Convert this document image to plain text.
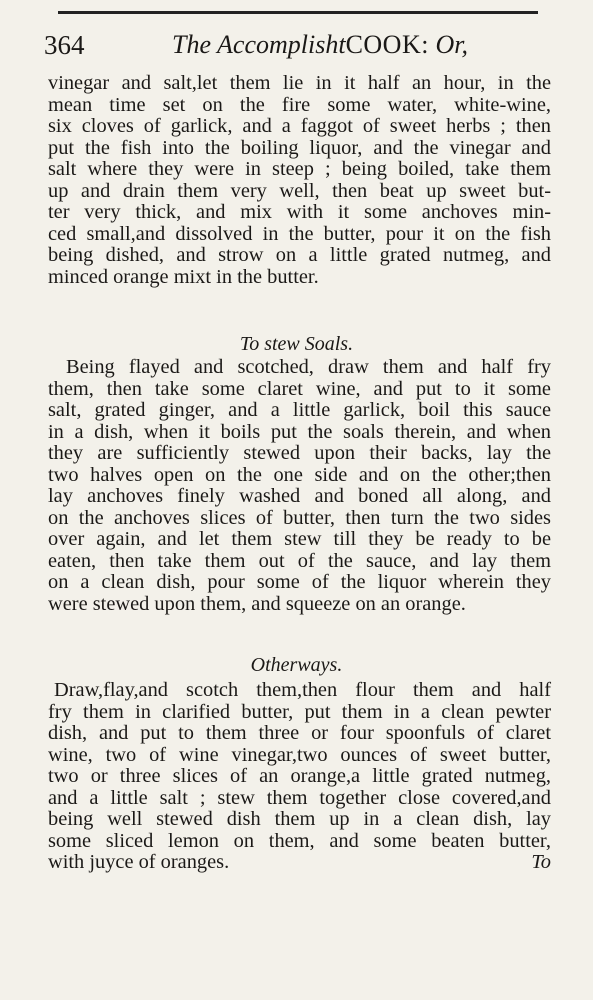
364	The AccomplishtCOOK: Or,
vinegar and salt,let them lie in it half an hour, in the
mean time set on the fire some water, white-wine,
six cloves of garlick, and a faggot of sweet herbs ; then
put the fish into the boiling liquor, and the vinegar and
salt where they were in steep ; being boiled, take them
up and drain them very well, then beat up sweet but-
ter very thick, and mix with it some anchoves min-
ced small,and dissolved in the butter, pour it on the fish
being dished, and strow on a little grated nutmeg, and
minced orange mixt in the butter.
To stew Soals.
Being flayed and scotched, draw them and half fry
them, then take some claret wine, and put to it some
salt, grated ginger, and a little garlick, boil this sauce
in a dish, when it boils put the soals therein, and when
they are sufficiently stewed upon their backs, lay the
two halves open on the one side and on the other;then
lay anchoves finely washed and boned all along, and
on the anchoves slices of butter, then turn the two sides
over again, and let them stew till they be ready to be
eaten, then take them out of the sauce, and lay them
on a clean dish, pour some of the liquor wherein they
were stewed upon them, and squeeze on an orange.
Otherways.
Draw,flay,and scotch them,then flour them and half
fry them in clarified butter, put them in a clean pewter
dish, and put to them three or four spoonfuls of claret
wine, two of wine vinegar,two ounces of sweet butter,
two or three slices of an orange,a little grated nutmeg,
and a little salt ; stew them together close covered,and
being well stewed dish them up in a clean dish, lay
some sliced lemon on them, and some beaten butter,
with juyce of oranges.	To
